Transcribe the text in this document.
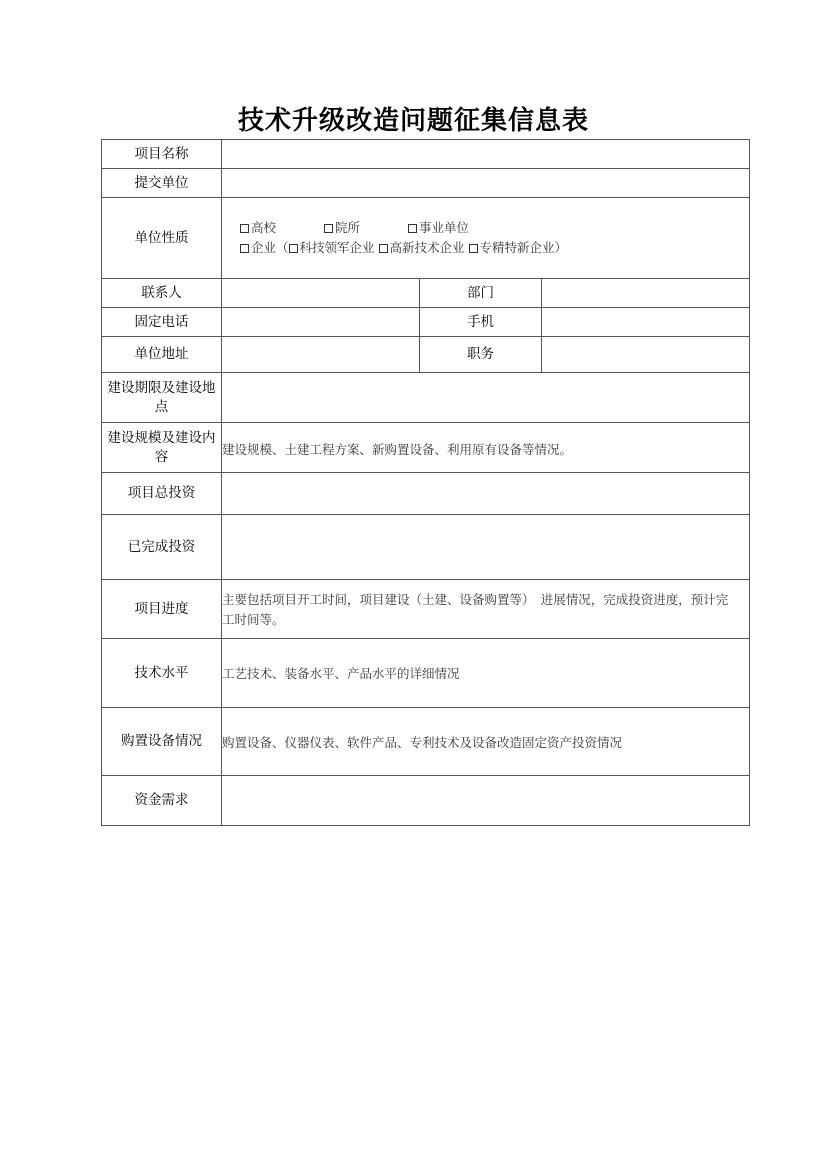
技术升级改造问题征集信息表
项目名称			
提交单位			
单位性质	高校 院所 事业单位
企业（ 科技领军企业 高新技术企业 专精特新企业）		

联系人		部门	
固定电话		手机	
单位地址		职务	
建设期限及建设地点			
建设规模及建设内容	建设规模、土建工程方案、新购置设备、利用原有设备等情况。		
项目总投资			
已完成投资			
项目进度	主要包括项目开工时间，项目建设（土建、设备购置等）　进展情况，完成投资进度，预计完工时间等。		
技术水平	工艺技术、装备水平、产品水平的详细情况		
购置设备情况	购置设备、仪器仪表、软件产品、专利技术及设备改造固定资产投资情况		
资金需求			
